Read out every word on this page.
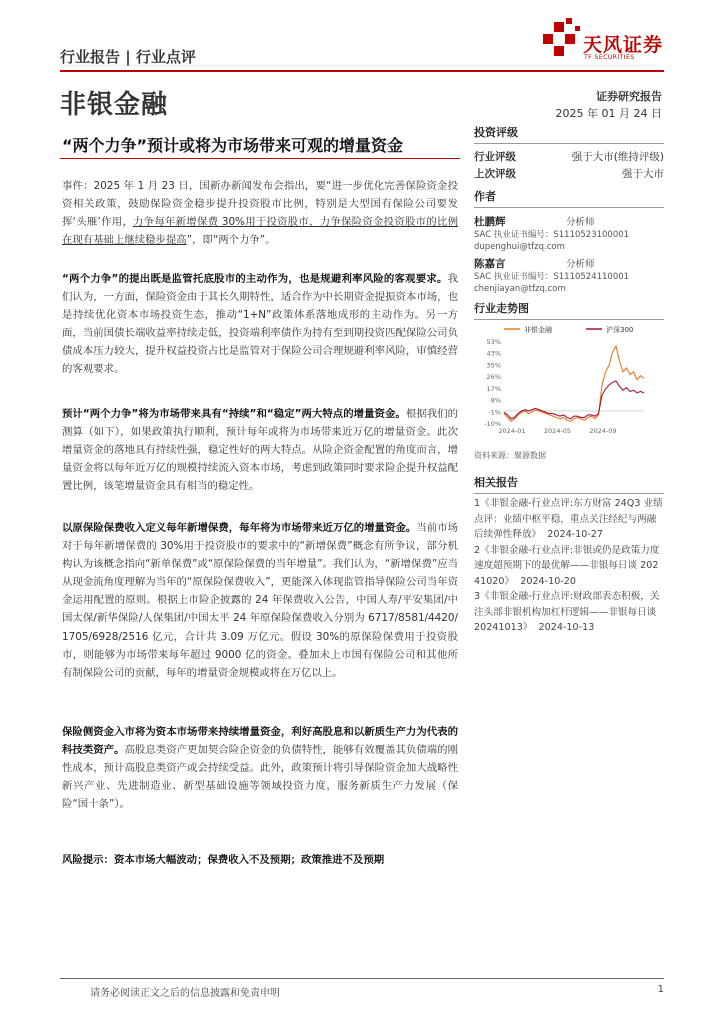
行业报告 | 行业点评
非银金融
天风证券
TF SECURITIES
证券研究报告
2025 年 01 月 24 日
“两个力争”预计或将为市场带来可观的增量资金
事件：2025 年 1 月 23 日，国新办新闻发布会指出，要“进一步优化完善保险资金投资相关政策，鼓励保险资金稳步提升投资股市比例，特别是大型国有保险公司要发挥‘头雁’作用，力争每年新增保费 30%用于投资股市，力争保险资金投资股市的比例在现有基础上继续稳步提高”，即“两个力争”。
“两个力争”的提出既是监管托底股市的主动作为，也是规避利率风险的客观要求。我们认为，一方面，保险资金由于其长久期特性，适合作为中长期资金提振资本市场，也是持续优化资本市场投资生态，推动“1+N”政策体系落地成形的主动作为。另一方面，当前国债长端收益率持续走低，投资端利率债作为持有至到期投资匹配保险公司负债成本压力较大，提升权益投资占比是监管对于保险公司合理规避利率风险，审慎经营的客观要求。
预计“两个力争”将为市场带来具有“持续”和“稳定”两大特点的增量资金。根据我们的测算（如下），如果政策执行顺利，预计每年或将为市场带来近万亿的增量资金。此次增量资金的落地具有持续性强，稳定性好的两大特点。从险企资金配置的角度而言，增量资金将以每年近万亿的规模持续流入资本市场，考虑到政策同时要求险企提升权益配置比例，该笔增量资金具有相当的稳定性。
以原保险保费收入定义每年新增保费，每年将为市场带来近万亿的增量资金。当前市场对于每年新增保费的 30%用于投资股市的要求中的“新增保费”概念有所争议，部分机构认为该概念指向“新单保费”或“原保险保费的当年增量”。我们认为，“新增保费”应当从现金流角度理解为当年的“原保险保费收入”，更能深入体现监管指导保险公司当年资金运用配置的原则。根据上市险企披露的 24 年保费收入公告，中国人寿/平安集团/中国太保/新华保险/人保集团/中国太平 24 年原保险保费收入分别为 6717/8581/4420/1705/6928/2516 亿元，合计共 3.09 万亿元。假设 30%的原保险保费用于投资股市，则能够为市场带来每年超过 9000 亿的资金。叠加未上市国有保险公司和其他所有制保险公司的贡献，每年的增量资金规模或将在万亿以上。
保险侧资金入市将为资本市场带来持续增量资金，利好高股息和以新质生产力为代表的科技类资产。高股息类资产更加契合险企资金的负债特性，能够有效覆盖其负债端的刚性成本，预计高股息类资产或会持续受益。此外，政策预计将引导保险资金加大战略性新兴产业、先进制造业、新型基础设施等领域投资力度，服务新质生产力发展（保险“国十条”）。
风险提示：资本市场大幅波动；保费收入不及预期；政策推进不及预期
投资评级
行业评级	强于大市(维持评级)
上次评级	强于大市
作者
杜鹏辉	分析师
SAC 执业证书编号：S1110523100001
dupenghui@tfzq.com
陈嘉言	分析师
SAC 执业证书编号：S1110524110001
chenjiayan@tfzq.com
行业走势图
非银金融	沪深300
53%
43%
35%
26%
17%
8%
-1%
-10%
2024-01	2024-05	2024-09
资料来源：聚源数据
相关报告
1《非银金融-行业点评:东方财富 24Q3 业绩点评：业绩中枢平稳，重点关注经纪与两融后续弹性释放》 2024-10-27
2《非银金融-行业点评:非银或仍是政策力度速度超预期下的最优解——非银每日谈 20241020》 2024-10-20
3《非银金融-行业点评:财政部表态积极，关注头部非银机构加杠杆逻辑——非银每日谈 20241013》 2024-10-13
请务必阅读正文之后的信息披露和免责申明	1
